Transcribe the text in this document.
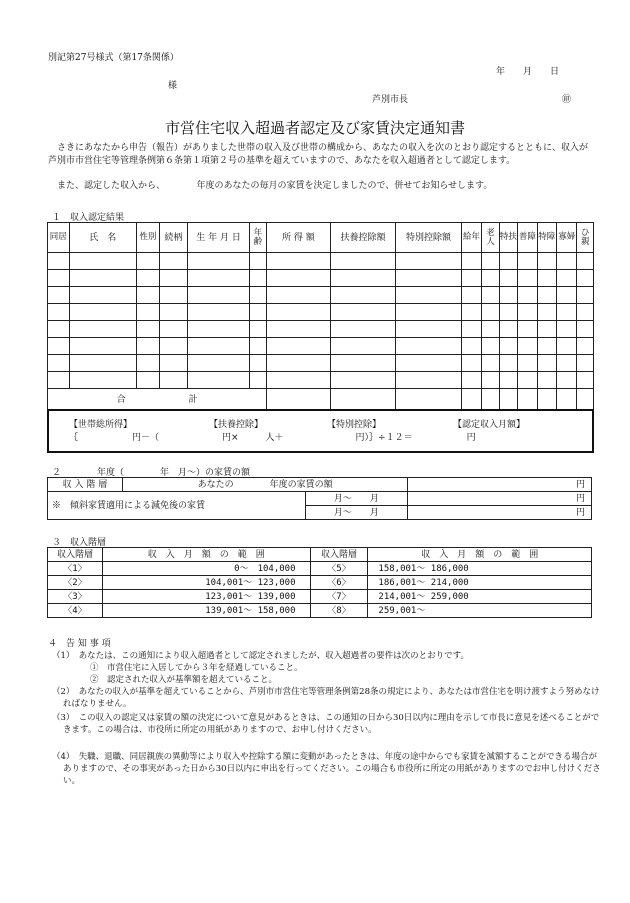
別記第27号様式（第17条関係）
年　　月　　日
様
芦別市長	㊞
市営住宅収入超過者認定及び家賃決定通知書
さきにあなたから申告（報告）がありました世帯の収入及び世帯の構成から、あなたの収入を次のとおり認定するとともに、収入が芦別市市営住宅等管理条例第６条第１項第２号の基準を超えていますので、あなたを収入超過者として認定します。
また、認定した収入から、　　　　年度のあなたの毎月の家賃を決定しましたので、併せてお知らせします。
１　収入認定結果
同居	氏　名	性別	続柄	生 年 月 日	年齢	所 得 額	扶養控除額	特別控除額	給年	老人	特扶	普障	特障	寡婦	ひ親

合 計															
【世帯総所得】	【扶養控除】	【特別控除】	【認定収入月額】
｛　　　　　　円－（　　　　　　　円×　　　人＋　　　　　　　　円）｝÷１２＝　　　　　　円
２　　　　年度（　　　　年　月～）の家賃の額
収 入 階 層	あなたの　　　　年度の家賃の額		円
※　傾斜家賃適用による減免後の家賃		月～　　月	円
		月～　　月	円
３　収入階層
収入階層	収　入　月　額　の　範　囲	収入階層	収　入　月　額　の　範　囲
〈1〉	0～　104,000	〈5〉	158,001～ 186,000
〈2〉	104,001～ 123,000	〈6〉	186,001～ 214,000
〈3〉	123,001～ 139,000	〈7〉	214,001～ 259,000
〈4〉	139,001～ 158,000	〈8〉	259,001～
４　告 知 事 項
（1）　あなたは、この通知により収入超過者として認定されましたが、収入超過者の要件は次のとおりです。
①　市営住宅に入居してから３年を経過していること。
②　認定された収入が基準額を超えていること。
（2）　あなたの収入が基準を超えていることから、芦別市市営住宅等管理条例第28条の規定により、あなたは市営住宅を明け渡すよう努めなければなりません。
（3）　この収入の認定又は家賃の額の決定について意見があるときは、この通知の日から30日以内に理由を示して市長に意見を述べることができます。この場合は、市役所に所定の用紙がありますので、お申し付けください。
（4）　失職、退職、同居親族の異動等により収入や控除する額に変動があったときは、年度の途中からでも家賃を減額することができる場合がありますので、その事実があった日から30日以内に申出を行ってください。この場合も市役所に所定の用紙がありますのでお申し付けください。
